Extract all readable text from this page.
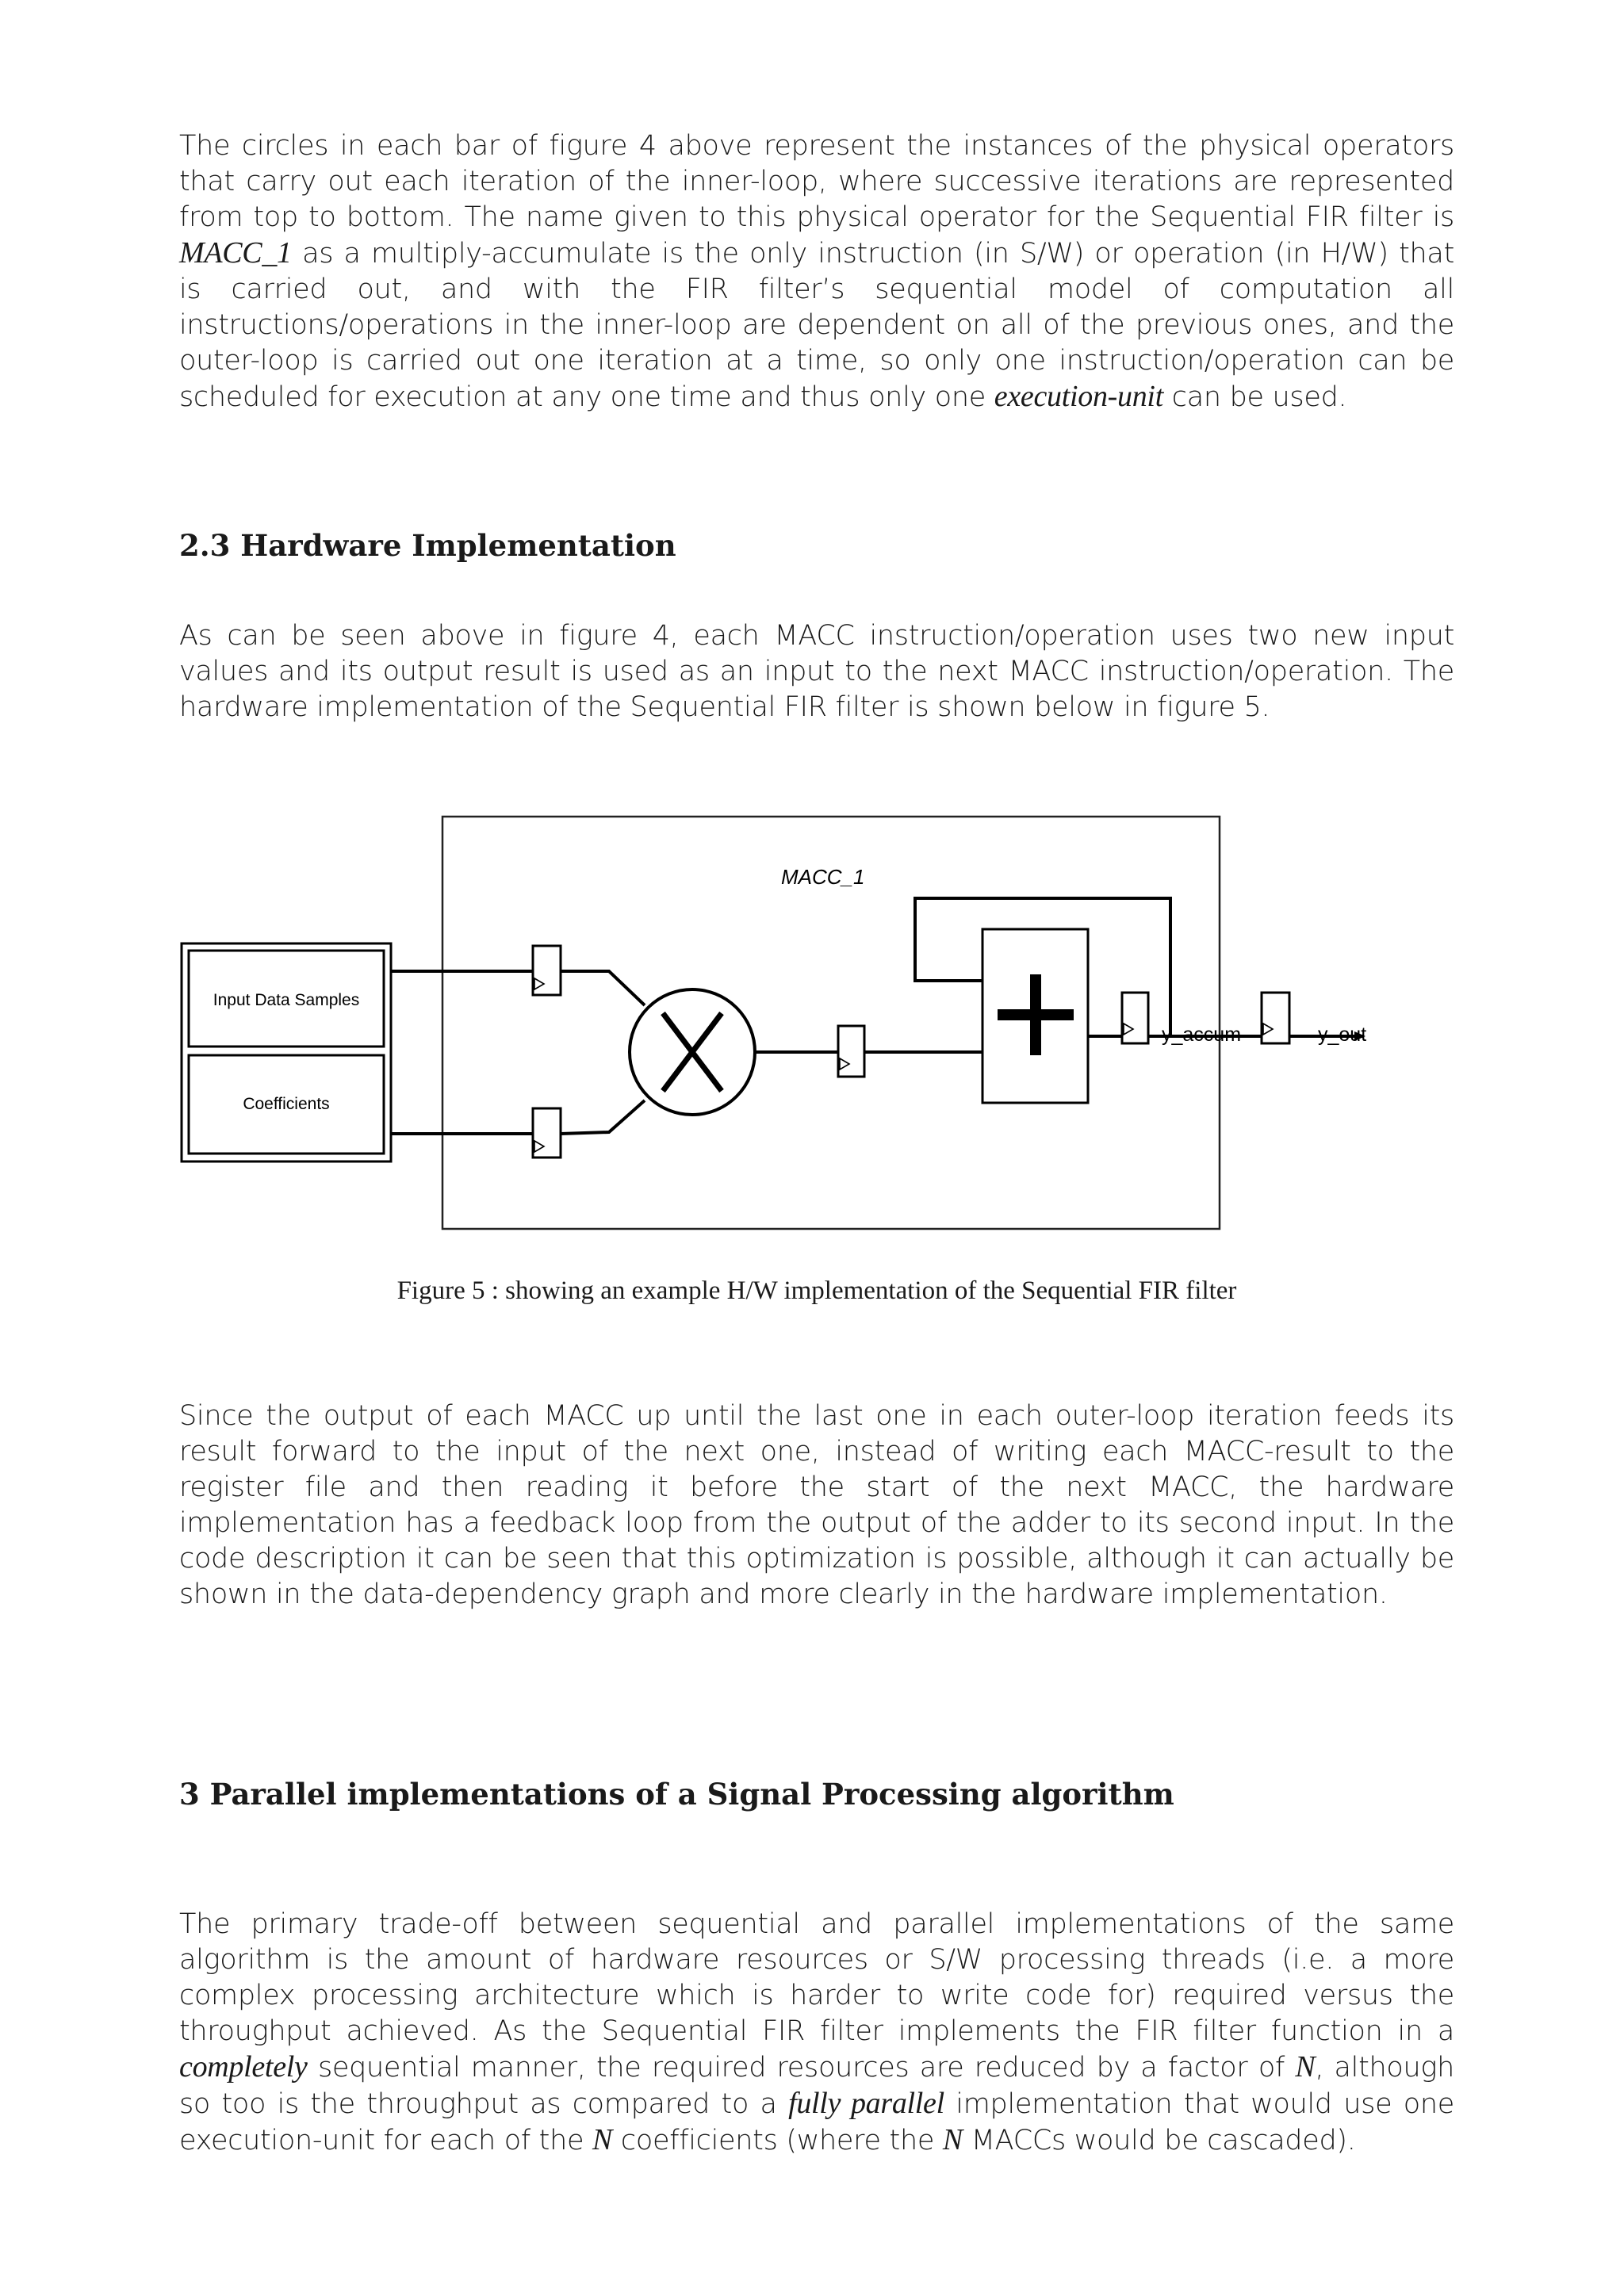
The circles in each bar of figure 4 above represent the instances of the physical operators that carry out each iteration of the inner-loop, where successive iterations are represented from top to bottom. The name given to this physical operator for the Sequential FIR filter is MACC_1 as a multiply-accumulate is the only instruction (in S/W) or operation (in H/W) that is carried out, and with the FIR filter’s sequential model of computation all instructions/operations in the inner-loop are dependent on all of the previous ones, and the outer-loop is carried out one iteration at a time, so only one instruction/operation can be scheduled for execution at any one time and thus only one execution-unit can be used.

2.3 Hardware Implementation

As can be seen above in figure 4, each MACC instruction/operation uses two new input values and its output result is used as an input to the next MACC instruction/operation. The hardware implementation of the Sequential FIR filter is shown below in figure 5.

MACC_1
Input Data Samples
Coefficients
y_accum	y_out

Figure 5 : showing an example H/W implementation of the Sequential FIR filter

Since the output of each MACC up until the last one in each outer-loop iteration feeds its result forward to the input of the next one, instead of writing each MACC-result to the register file and then reading it before the start of the next MACC, the hardware implementation has a feedback loop from the output of the adder to its second input. In the code description it can be seen that this optimization is possible, although it can actually be shown in the data-dependency graph and more clearly in the hardware implementation.

3 Parallel implementations of a Signal Processing algorithm

The primary trade-off between sequential and parallel implementations of the same algorithm is the amount of hardware resources or S/W processing threads (i.e. a more complex processing architecture which is harder to write code for) required versus the throughput achieved. As the Sequential FIR filter implements the FIR filter function in a completely sequential manner, the required resources are reduced by a factor of N, although so too is the throughput as compared to a fully parallel implementation that would use one execution-unit for each of the N coefficients (where the N MACCs would be cascaded).
